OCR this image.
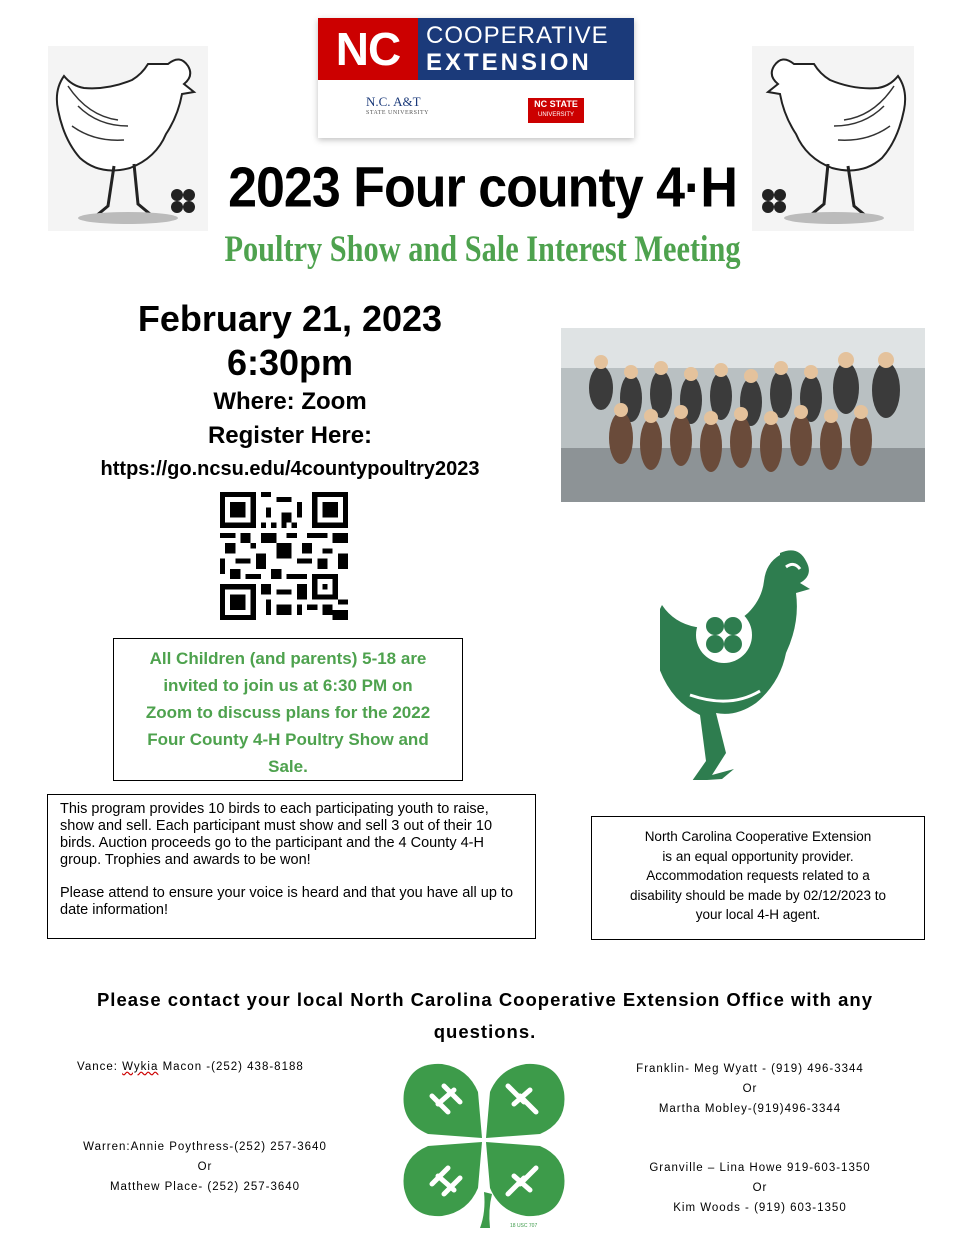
NC	COOPERATIVE
EXTENSION
N.C. A&T
STATE UNIVERSITY
NC STATE
UNIVERSITY
2023 Four county 4·H
Poultry Show and Sale Interest Meeting
February 21, 2023
6:30pm
Where: Zoom
Register Here:
https://go.ncsu.edu/4countypoultry2023
All Children (and parents) 5-18 are
invited to join us at 6:30 PM on
Zoom to discuss plans for the 2022
Four County 4-H Poultry Show and
Sale.

This program provides 10 birds to each participating youth to raise, show and sell. Each participant must show and sell 3 out of their 10 birds. Auction proceeds go to the participant and the 4 County 4-H group. Trophies and awards to be won!

Please attend to ensure your voice is heard and that you have all up to date information!

North Carolina Cooperative Extension
is an equal opportunity provider.
Accommodation requests related to a
disability should be made by 02/12/2023 to
your local 4-H agent.
Please contact your local North Carolina Cooperative Extension Office with any questions.
Vance: Wykia Macon -(252) 438-8188
Warren:Annie Poythress-(252) 257-3640
Or
Matthew Place- (252) 257-3640
Franklin- Meg Wyatt - (919) 496-3344
Or
Martha Mobley-(919)496-3344
Granville – Lina Howe 919-603-1350
Or
Kim Woods - (919) 603-1350
18 USC 707
